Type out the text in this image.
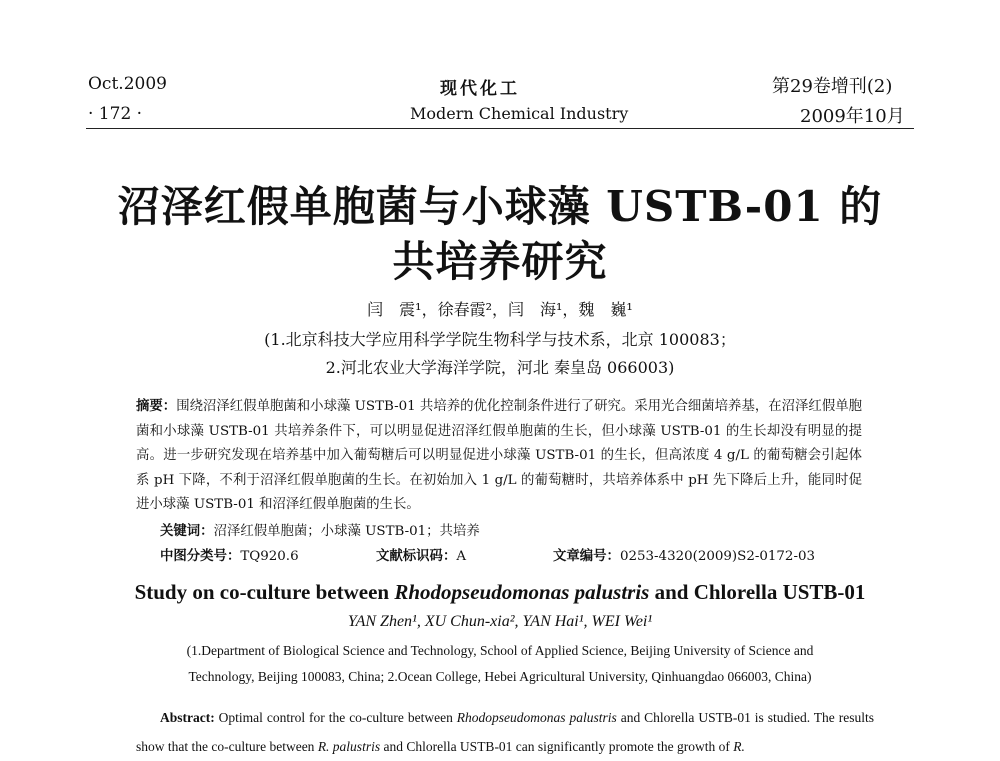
Oct.2009	现代化工	第29卷增刊(2)
· 172 ·	Modern Chemical Industry	2009年10月
沼泽红假单胞菌与小球藻 USTB-01 的
共培养研究
闫　震¹，徐春霞²，闫　海¹，魏　巍¹
(1.北京科技大学应用科学学院生物科学与技术系，北京 100083；
2.河北农业大学海洋学院，河北 秦皇岛 066003)
摘要：围绕沼泽红假单胞菌和小球藻 USTB-01 共培养的优化控制条件进行了研究。采用光合细菌培养基，在沼泽红假单胞菌和小球藻 USTB-01 共培养条件下，可以明显促进沼泽红假单胞菌的生长，但小球藻 USTB-01 的生长却没有明显的提高。进一步研究发现在培养基中加入葡萄糖后可以明显促进小球藻 USTB-01 的生长，但高浓度 4 g/L 的葡萄糖会引起体系 pH 下降，不利于沼泽红假单胞菌的生长。在初始加入 1 g/L 的葡萄糖时，共培养体系中 pH 先下降后上升，能同时促进小球藻 USTB-01 和沼泽红假单胞菌的生长。
关键词：沼泽红假单胞菌；小球藻 USTB-01；共培养
中图分类号：TQ920.6	文献标识码：A	文章编号：0253-4320(2009)S2-0172-03
Study on co-culture between Rhodopseudomonas palustris and Chlorella USTB-01
YAN Zhen¹, XU Chun-xia², YAN Hai¹, WEI Wei¹
(1.Department of Biological Science and Technology, School of Applied Science, Beijing University of Science and
Technology, Beijing 100083, China; 2.Ocean College, Hebei Agricultural University, Qinhuangdao 066003, China)
Abstract: Optimal control for the co-culture between Rhodopseudomonas palustris and Chlorella USTB-01 is studied. The results show that the co-culture between R. palustris and Chlorella USTB-01 can significantly promote the growth of R.
